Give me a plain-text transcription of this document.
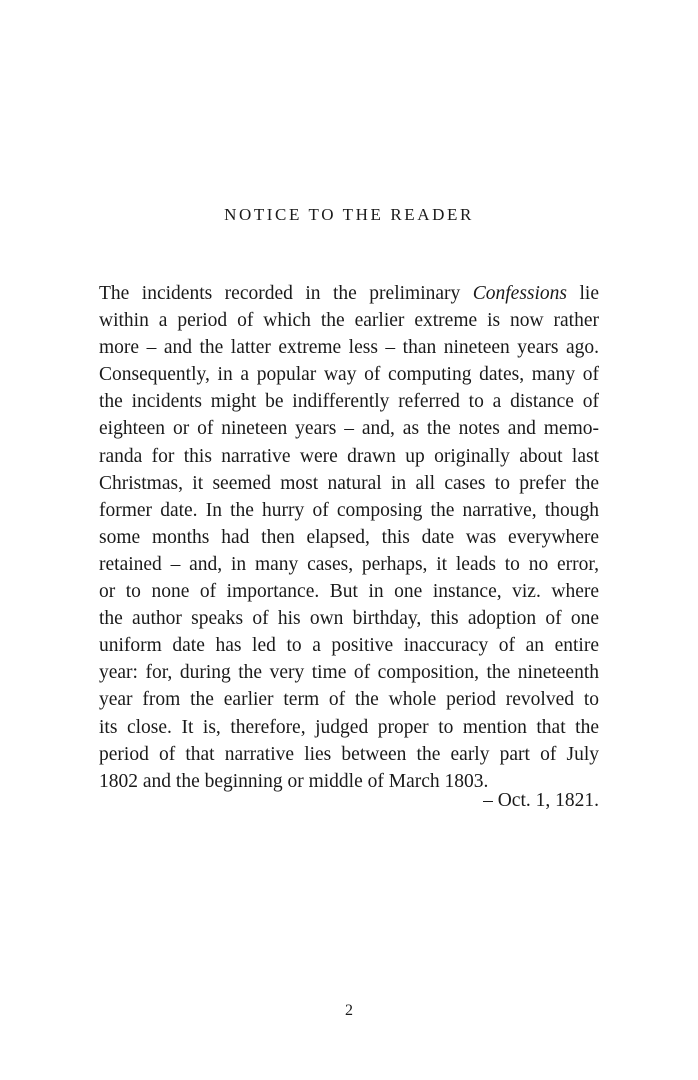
NOTICE TO THE READER
The incidents recorded in the preliminary Confessions lie
within a period of which the earlier extreme is now rather
more – and the latter extreme less – than nineteen years ago.
Consequently, in a popular way of computing dates, many of
the incidents might be indifferently referred to a distance of
eighteen or of nineteen years – and, as the notes and memo-
randa for this narrative were drawn up originally about last
Christmas, it seemed most natural in all cases to prefer the
former date. In the hurry of composing the narrative, though
some months had then elapsed, this date was everywhere
retained – and, in many cases, perhaps, it leads to no error,
or to none of importance. But in one instance, viz. where
the author speaks of his own birthday, this adoption of one
uniform date has led to a positive inaccuracy of an entire
year: for, during the very time of composition, the nineteenth
year from the earlier term of the whole period revolved to
its close. It is, therefore, judged proper to mention that the
period of that narrative lies between the early part of July
1802 and the beginning or middle of March 1803.

– Oct. 1, 1821.

2
